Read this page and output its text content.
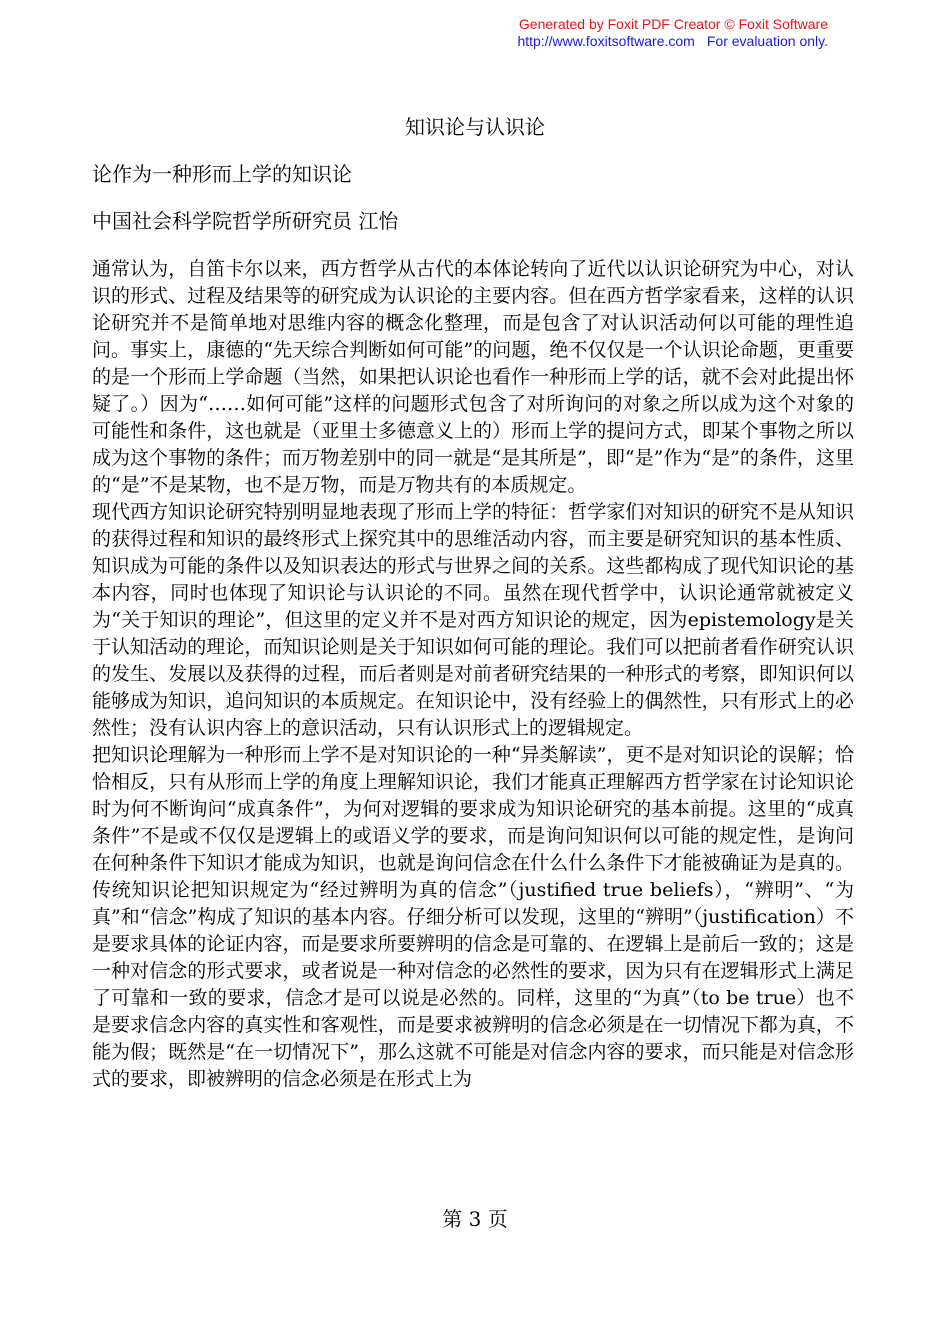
Generated by Foxit PDF Creator © Foxit Software
http://www.foxitsoftware.com For evaluation only.
知识论与认识论
论作为一种形而上学的知识论
中国社会科学院哲学所研究员 江怡

通常认为，自笛卡尔以来，西方哲学从古代的本体论转向了近代以认识论研究为中心，对认识的形式、过程及结果等的研究成为认识论的主要内容。但在西方哲学家看来，这样的认识论研究并不是简单地对思维内容的概念化整理，而是包含了对认识活动何以可能的理性追问。事实上，康德的“先天综合判断如何可能”的问题，绝不仅仅是一个认识论命题，更重要的是一个形而上学命题（当然，如果把认识论也看作一种形而上学的话，就不会对此提出怀疑了。）因为“……如何可能”这样的问题形式包含了对所询问的对象之所以成为这个对象的可能性和条件，这也就是（亚里士多德意义上的）形而上学的提问方式，即某个事物之所以成为这个事物的条件；而万物差别中的同一就是“是其所是”，即“是”作为“是”的条件，这里的“是”不是某物，也不是万物，而是万物共有的本质规定。

现代西方知识论研究特别明显地表现了形而上学的特征：哲学家们对知识的研究不是从知识的获得过程和知识的最终形式上探究其中的思维活动内容，而主要是研究知识的基本性质、知识成为可能的条件以及知识表达的形式与世界之间的关系。这些都构成了现代知识论的基本内容，同时也体现了知识论与认识论的不同。虽然在现代哲学中，认识论通常就被定义为“关于知识的理论”，但这里的定义并不是对西方知识论的规定，因为epistemology是关于认知活动的理论，而知识论则是关于知识如何可能的理论。我们可以把前者看作研究认识的发生、发展以及获得的过程，而后者则是对前者研究结果的一种形式的考察，即知识何以能够成为知识，追问知识的本质规定。在知识论中，没有经验上的偶然性，只有形式上的必然性；没有认识内容上的意识活动，只有认识形式上的逻辑规定。

把知识论理解为一种形而上学不是对知识论的一种“异类解读”，更不是对知识论的误解；恰恰相反，只有从形而上学的角度上理解知识论，我们才能真正理解西方哲学家在讨论知识论时为何不断询问“成真条件”，为何对逻辑的要求成为知识论研究的基本前提。这里的“成真条件”不是或不仅仅是逻辑上的或语义学的要求，而是询问知识何以可能的规定性，是询问在何种条件下知识才能成为知识，也就是询问信念在什么什么条件下才能被确证为是真的。传统知识论把知识规定为“经过辨明为真的信念”（justified true beliefs），“辨明”、“为真”和“信念”构成了知识的基本内容。仔细分析可以发现，这里的“辨明”（justification）不是要求具体的论证内容，而是要求所要辨明的信念是可靠的、在逻辑上是前后一致的；这是一种对信念的形式要求，或者说是一种对信念的必然性的要求，因为只有在逻辑形式上满足了可靠和一致的要求，信念才是可以说是必然的。同样，这里的“为真”（to be true）也不是要求信念内容的真实性和客观性，而是要求被辨明的信念必须是在一切情况下都为真，不能为假；既然是“在一切情况下”，那么这就不可能是对信念内容的要求，而只能是对信念形式的要求，即被辨明的信念必须是在形式上为

第 3 页
